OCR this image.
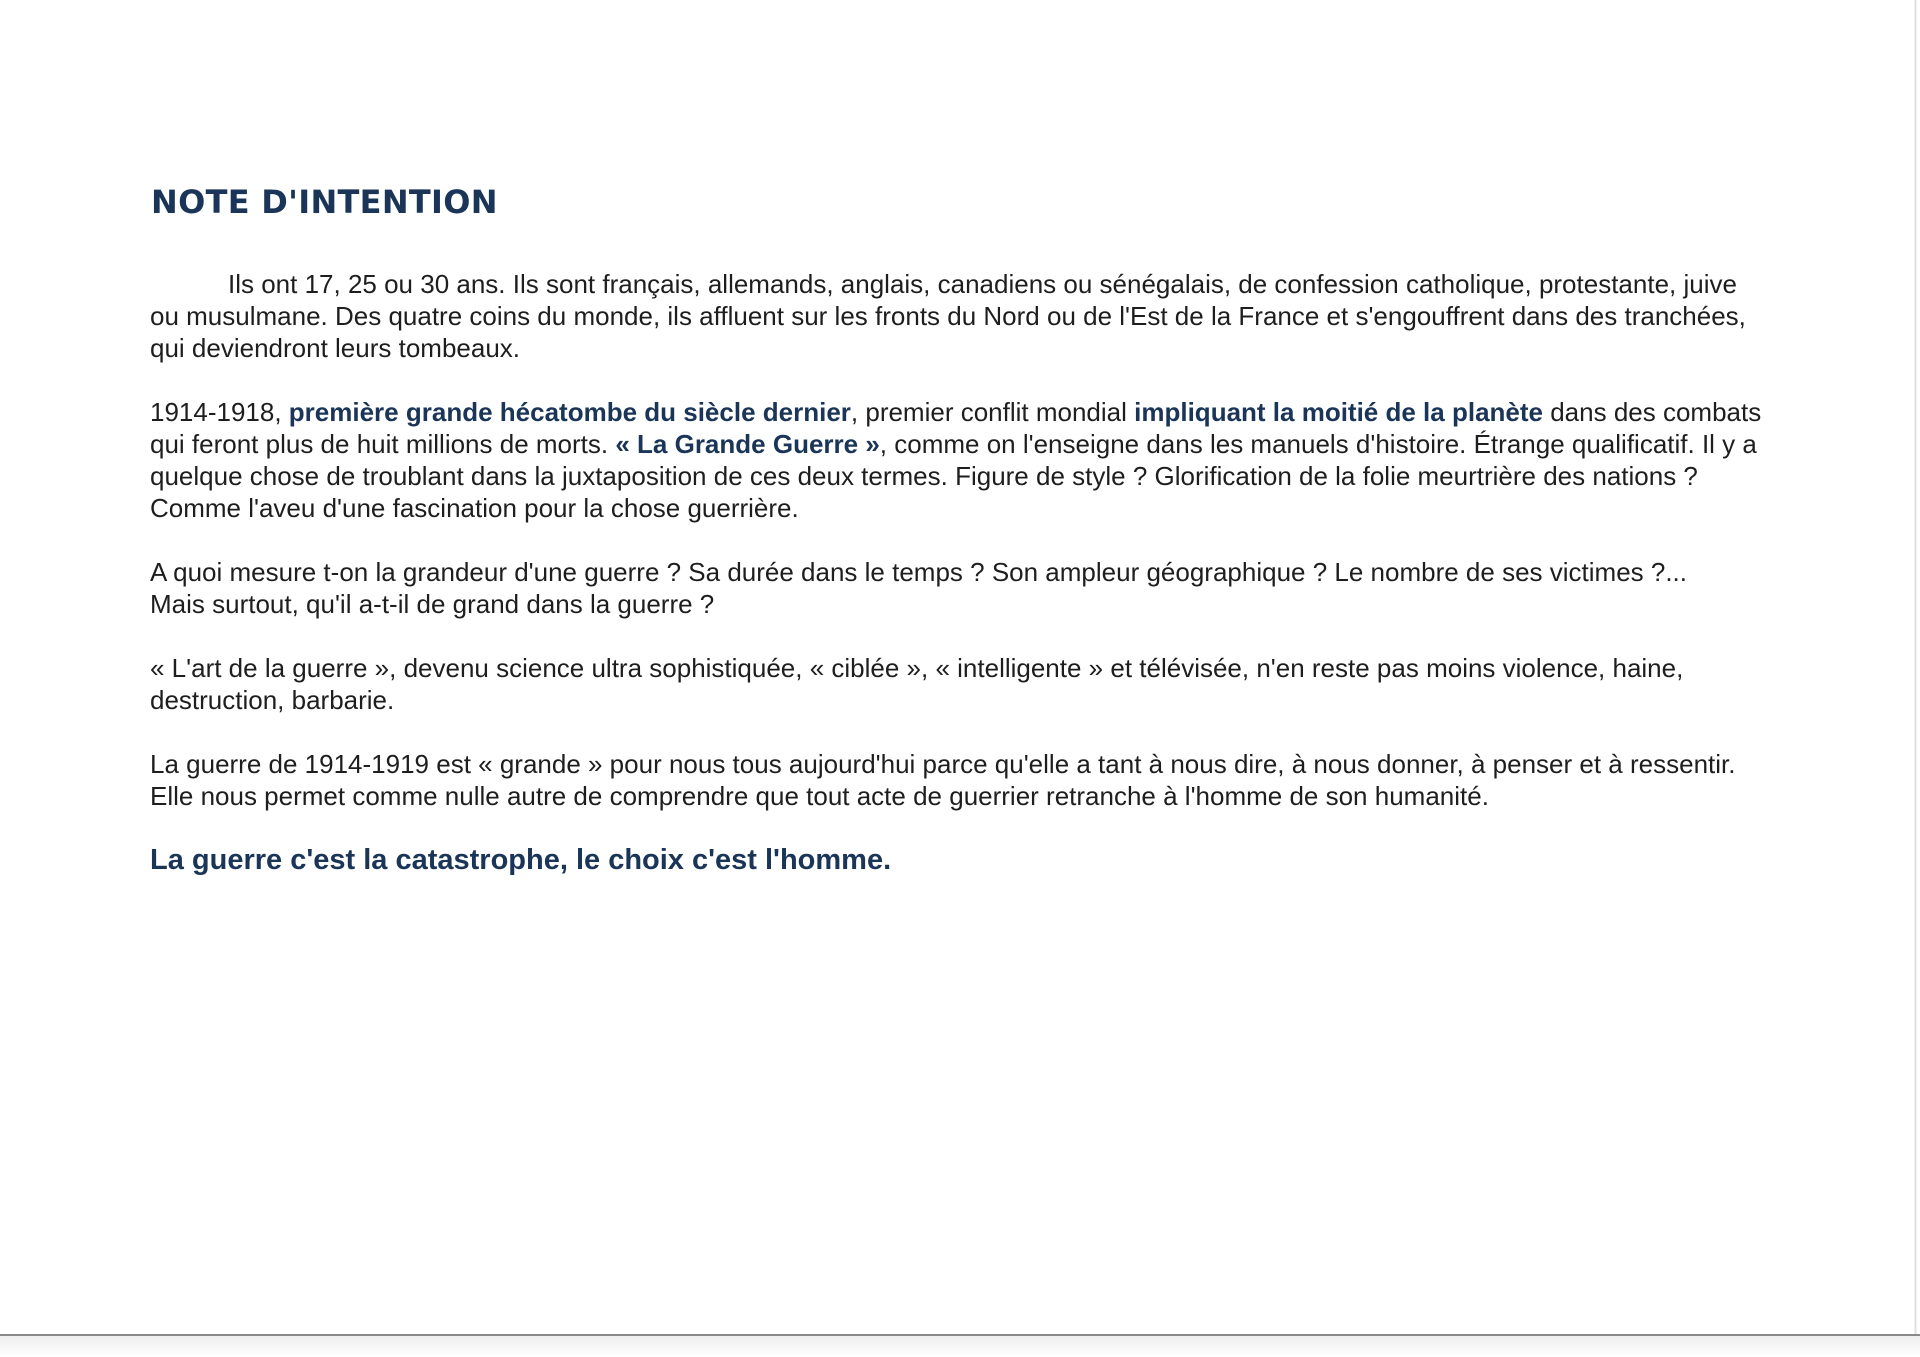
NOTE D'INTENTION

Ils ont 17, 25 ou 30 ans. Ils sont français, allemands, anglais, canadiens ou sénégalais, de confession catholique, protestante, juive ou musulmane. Des quatre coins du monde, ils affluent sur les fronts du Nord ou de l'Est de la France et s'engouffrent dans des tranchées, qui deviendront leurs tombeaux.

1914-1918, première grande hécatombe du siècle dernier, premier conflit mondial impliquant la moitié de la planète dans des combats qui feront plus de huit millions de morts. « La Grande Guerre », comme on l'enseigne dans les manuels d'histoire. Étrange qualificatif. Il y a quelque chose de troublant dans la juxtaposition de ces deux termes. Figure de style ? Glorification de la folie meurtrière des nations ? Comme l'aveu d'une fascination pour la chose guerrière.

A quoi mesure t-on la grandeur d'une guerre ? Sa durée dans le temps ? Son ampleur géographique ? Le nombre de ses victimes ?...
Mais surtout, qu'il a-t-il de grand dans la guerre ?

« L'art de la guerre », devenu science ultra sophistiquée, « ciblée », « intelligente » et télévisée, n'en reste pas moins violence, haine, destruction, barbarie.

La guerre de 1914-1919 est « grande » pour nous tous aujourd'hui parce qu'elle a tant à nous dire, à nous donner, à penser et à ressentir. Elle nous permet comme nulle autre de comprendre que tout acte de guerrier retranche à l'homme de son humanité.

La guerre c'est la catastrophe, le choix c'est l'homme.
